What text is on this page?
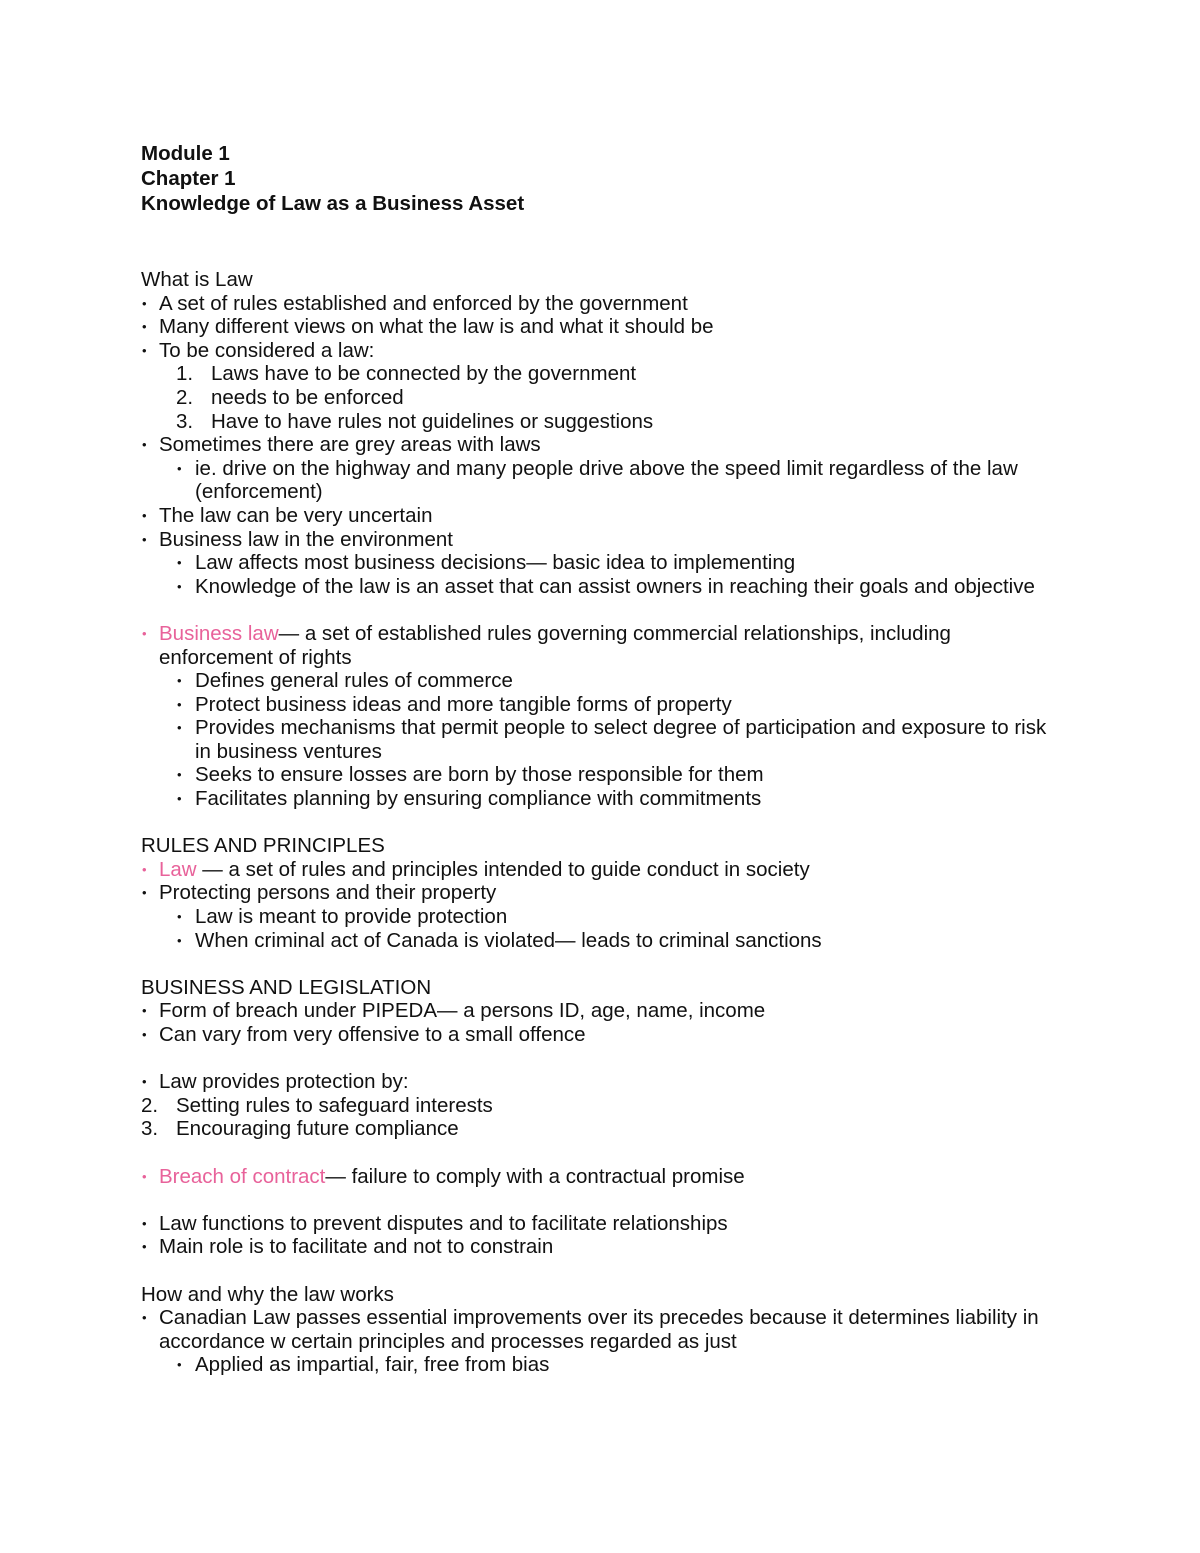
Module 1
Chapter 1
Knowledge of Law as a Business Asset
What is Law
• A set of rules established and enforced by the government
• Many different views on what the law is and what it should be
• To be considered a law:
1. Laws have to be connected by the government
2. needs to be enforced
3. Have to have rules not guidelines or suggestions
• Sometimes there are grey areas with laws
• ie. drive on the highway and many people drive above the speed limit regardless of the law (enforcement)
• The law can be very uncertain
• Business law in the environment
• Law affects most business decisions— basic idea to implementing
• Knowledge of the law is an asset that can assist owners in reaching their goals and objective
• Business law— a set of established rules governing commercial relationships, including enforcement of rights
• Defines general rules of commerce
• Protect business ideas and more tangible forms of property
• Provides mechanisms that permit people to select degree of participation and exposure to risk in business ventures
• Seeks to ensure losses are born by those responsible for them
• Facilitates planning by ensuring compliance with commitments
RULES AND PRINCIPLES
• Law — a set of rules and principles intended to guide conduct in society
• Protecting persons and their property
• Law is meant to provide protection
• When criminal act of Canada is violated— leads to criminal sanctions
BUSINESS AND LEGISLATION
• Form of breach under PIPEDA— a persons ID, age, name, income
• Can vary from very offensive to a small offence
• Law provides protection by:
2. Setting rules to safeguard interests
3. Encouraging future compliance
• Breach of contract— failure to comply with a contractual promise
• Law functions to prevent disputes and to facilitate relationships
• Main role is to facilitate and not to constrain
How and why the law works
• Canadian Law passes essential improvements over its precedes because it determines liability in accordance w certain principles and processes regarded as just
• Applied as impartial, fair, free from bias
